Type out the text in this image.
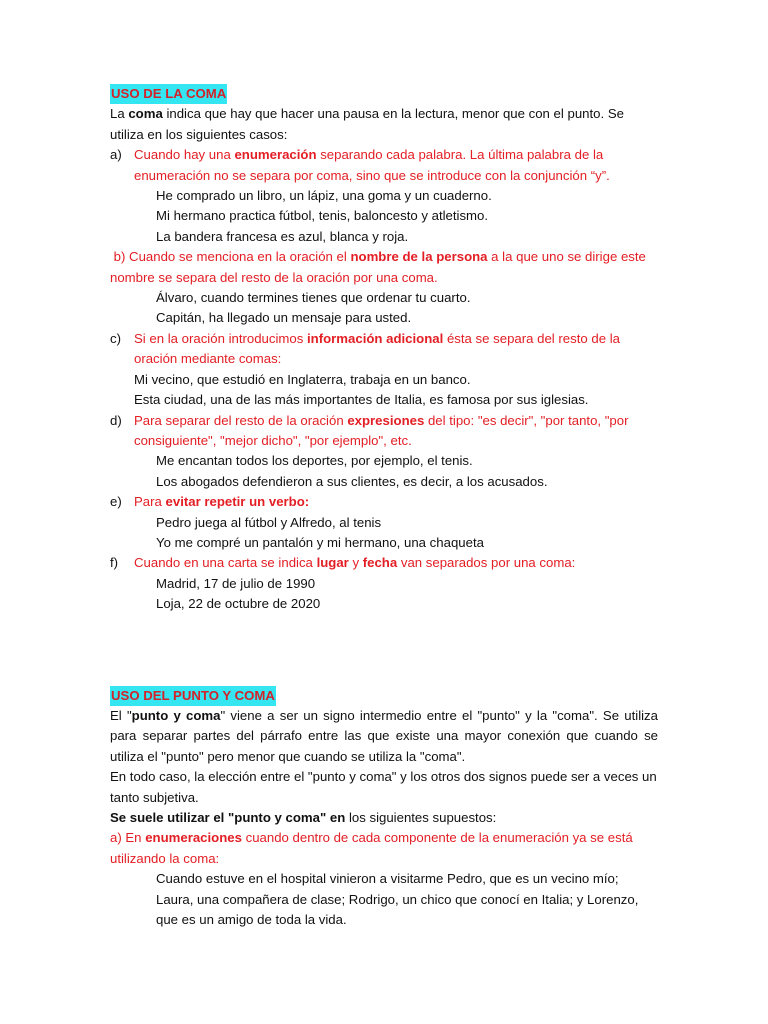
USO DE LA COMA

La coma indica que hay que hacer una pausa en la lectura, menor que con el punto. Se utiliza en los siguientes casos:

a) Cuando hay una enumeración separando cada palabra. La última palabra de la enumeración no se separa por coma, sino que se introduce con la conjunción “y”.

He comprado un libro, un lápiz, una goma y un cuaderno.

Mi hermano practica fútbol, tenis, baloncesto y atletismo.

La bandera francesa es azul, blanca y roja.

b) Cuando se menciona en la oración el nombre de la persona a la que uno se dirige este nombre se separa del resto de la oración por una coma.

Álvaro, cuando termines tienes que ordenar tu cuarto.

Capitán, ha llegado un mensaje para usted.

c) Si en la oración introducimos información adicional ésta se separa del resto de la oración mediante comas:

Mi vecino, que estudió en Inglaterra, trabaja en un banco.

Esta ciudad, una de las más importantes de Italia, es famosa por sus iglesias.

d) Para separar del resto de la oración expresiones del tipo: "es decir", "por tanto, "por consiguiente", "mejor dicho", "por ejemplo", etc.

Me encantan todos los deportes, por ejemplo, el tenis.

Los abogados defendieron a sus clientes, es decir, a los acusados.

e) Para evitar repetir un verbo:

Pedro juega al fútbol y Alfredo, al tenis

Yo me compré un pantalón y mi hermano, una chaqueta

f) Cuando en una carta se indica lugar y fecha van separados por una coma:

Madrid, 17 de julio de 1990

Loja, 22 de octubre de 2020

USO DEL PUNTO Y COMA

El "punto y coma" viene a ser un signo intermedio entre el "punto" y la "coma". Se utiliza para separar partes del párrafo entre las que existe una mayor conexión que cuando se utiliza el "punto" pero menor que cuando se utiliza la "coma".

En todo caso, la elección entre el "punto y coma" y los otros dos signos puede ser a veces un tanto subjetiva.

Se suele utilizar el "punto y coma" en los siguientes supuestos:

a) En enumeraciones cuando dentro de cada componente de la enumeración ya se está utilizando la coma:

Cuando estuve en el hospital vinieron a visitarme Pedro, que es un vecino mío; Laura, una compañera de clase; Rodrigo, un chico que conocí en Italia; y Lorenzo, que es un amigo de toda la vida.
